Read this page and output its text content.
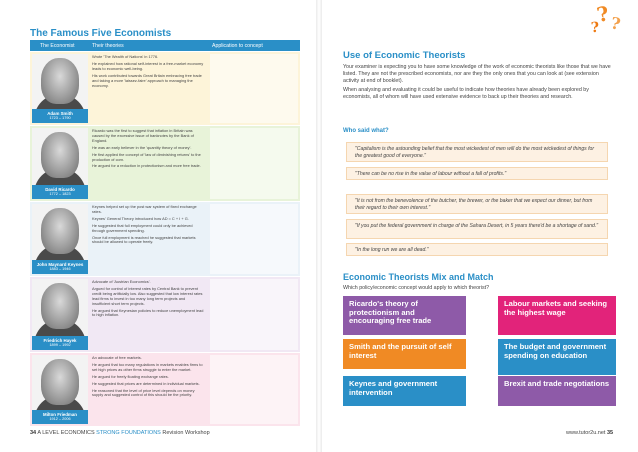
The Famous Five Economists
The Economist	Their theories	Application to concept
Adam Smith
1723 – 1790

Wrote 'The Wealth of Nations' in 1776.

He explained how rational self-interest in a free-market economy leads to economic well-being.

His work contributed towards Great Britain embracing free trade and taking a more 'laissez-faire' approach to managing the economy.

David Ricardo
1772 – 1823

Ricardo was the first to suggest that inflation in Britain was caused by the excessive issue of banknotes by the Bank of England.

He was an early believer in the 'quantity theory of money'.

He first applied the concept of 'law of diminishing returns' to the production of corn.

He argued for a reduction in protectionism and more free trade.

John Maynard Keynes
1883 – 1946

Keynes helped set up the post war system of fixed exchange rates.

Keynes' General Theory introduced how AD = C + I + G.

He suggested that full employment could only be achieved through government spending.

Once full employment is reached he suggested that markets should be allowed to operate freely.

Friedrich Hayek
1899 – 1992

Advocate of 'Austrian Economics'.

Argued for control of interest rates by Central Bank to prevent credit being artificially low. Also suggested that low interest rates lead firms to invest in too many long term projects and insufficient short term projects.

He argued that Keynesian policies to reduce unemployment lead to high inflation.

Milton Friedman
1912 – 2006

An advocate of free markets.

He argued that too many regulations in markets enables firms to set high prices as other firms struggle to enter the market.

He argued for freely floating exchange rates.

He suggested that prices are determined in individual markets.

He reasoned that the level of price level depends on money supply and suggested control of this should be the priority.

34 A LEVEL ECONOMICS STRONG FOUNDATIONS Revision Workshop
?
?
?
Use of Economic Theorists

Your examiner is expecting you to have some knowledge of the work of economic theorists like those that we have listed. They are not the prescribed economists, nor are they the only ones that you can look at (see extension activity at end of booklet).

When analysing and evaluating it could be useful to indicate how theories have already been explored by economists, all of whom will have used extensive evidence to back up their theories and research.

Who said what?
"Capitalism is the astounding belief that the most wickedest of men will do the most wickedest of things for the greatest good of everyone."
"There can be no rise in the value of labour without a fall of profits."
"It is not from the benevolence of the butcher, the brewer, or the baker that we expect our dinner, but from their regard to their own interest."
"If you put the federal government in charge of the Sahara Desert, in 5 years there'd be a shortage of sand."
"In the long run we are all dead."
Economic Theorists Mix and Match
Which policy/economic concept would apply to which theorist?
Ricardo's theory of protectionism and encouraging free trade
Labour markets and seeking the highest wage
Smith and the pursuit of self interest
The budget and government spending on education
Keynes and government intervention
Brexit and trade negotiations
www.tutor2u.net 35
